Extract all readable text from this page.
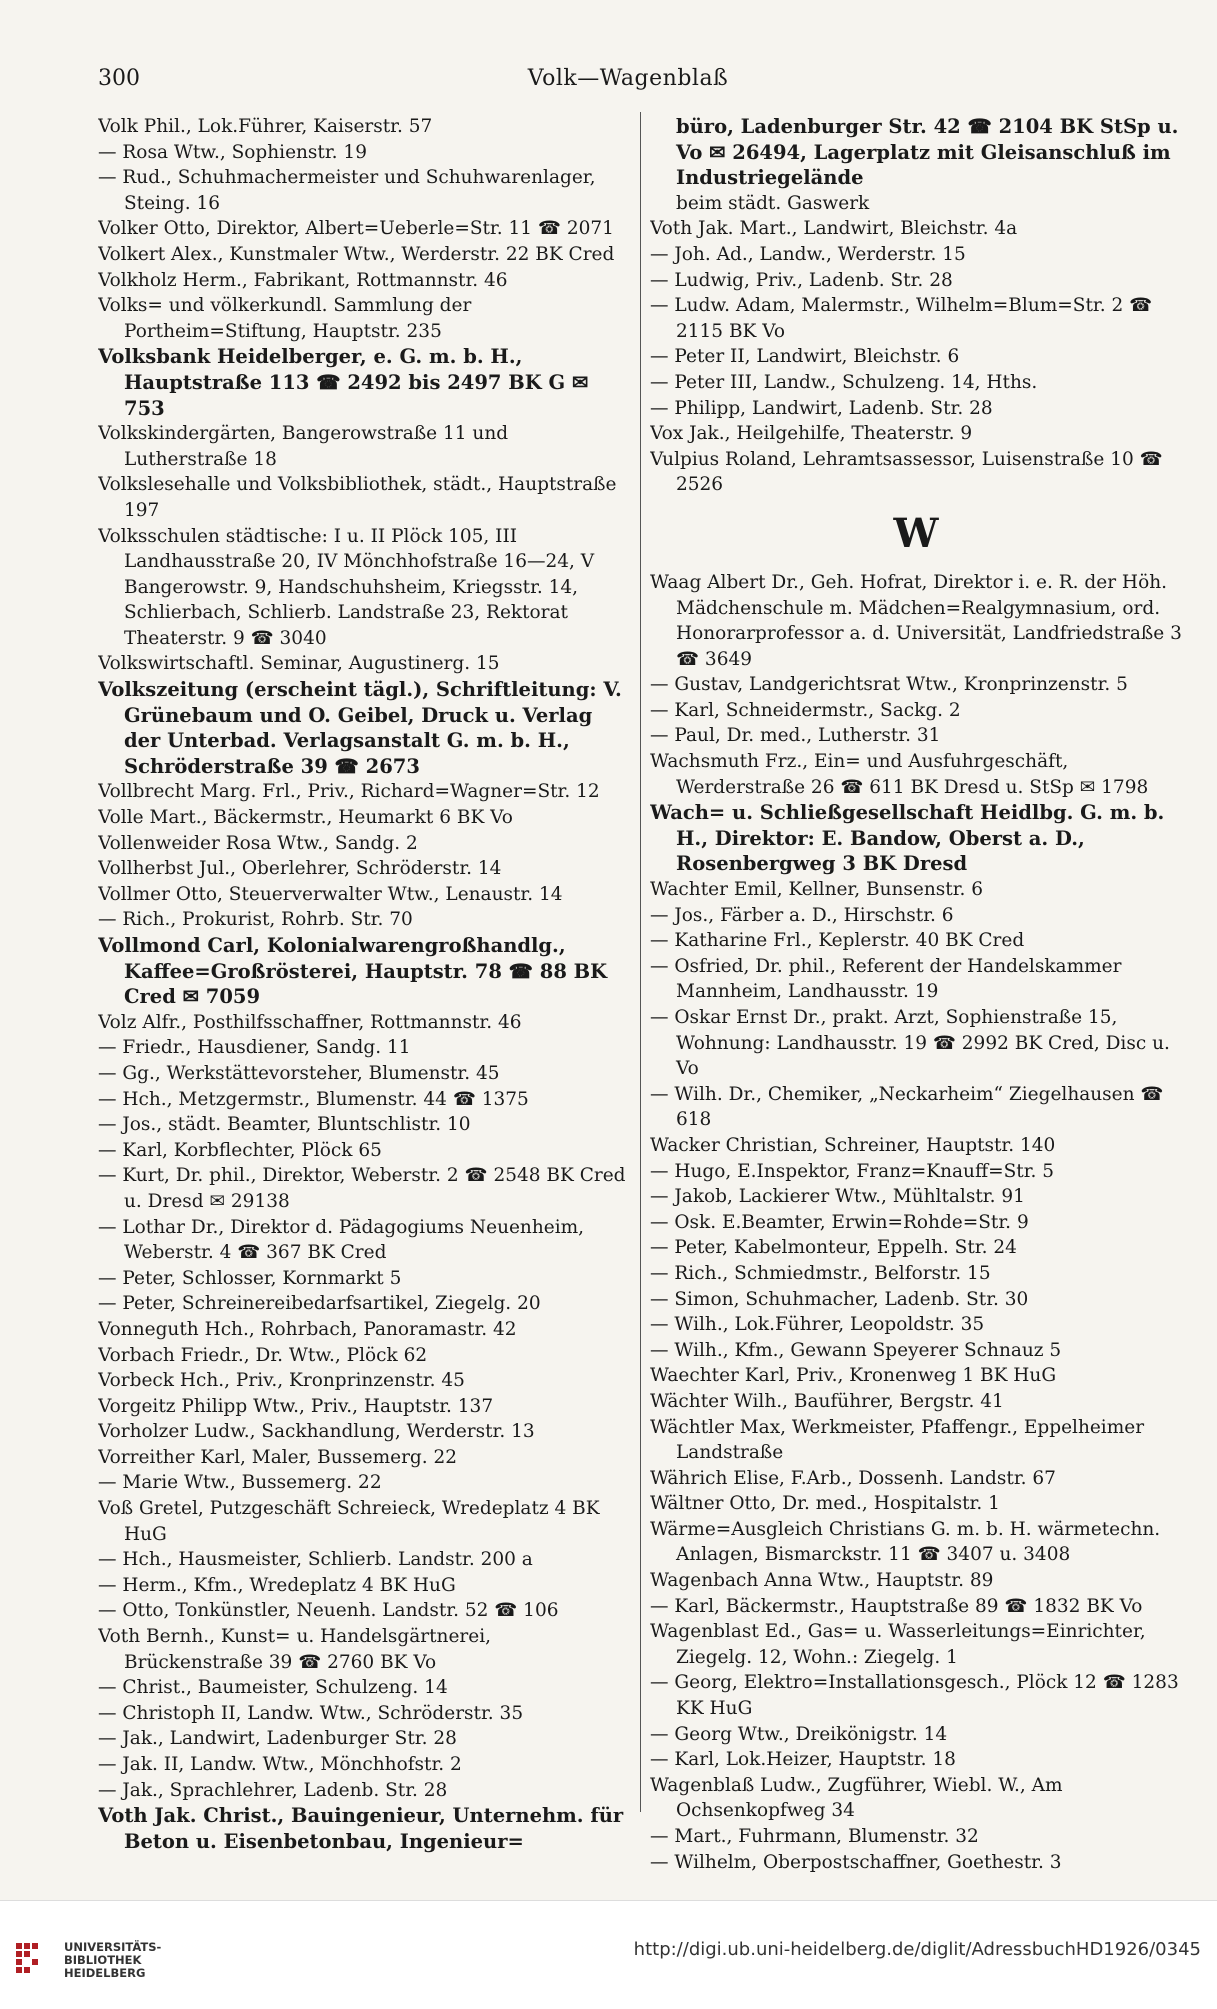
300	Volk—Wagenblaß

Volk Phil., Lok.Führer, Kaiserstr. 57

— Rosa Wtw., Sophienstr. 19

— Rud., Schuhmachermeister und Schuhwarenlager, Steing. 16

Volker Otto, Direktor, Albert=Ueberle=Str. 11 ☎ 2071

Volkert Alex., Kunstmaler Wtw., Werderstr. 22 BK Cred

Volkholz Herm., Fabrikant, Rottmannstr. 46

Volks= und völkerkundl. Sammlung der Portheim=Stiftung, Hauptstr. 235

Volksbank Heidelberger, e. G. m. b. H., Hauptstraße 113 ☎ 2492 bis 2497 BK G ✉ 753

Volkskindergärten, Bangerowstraße 11 und Lutherstraße 18

Volkslesehalle und Volksbibliothek, städt., Hauptstraße 197

Volksschulen städtische: I u. II Plöck 105, III Landhausstraße 20, IV Mönchhofstraße 16—24, V Bangerowstr. 9, Handschuhsheim, Kriegsstr. 14, Schlierbach, Schlierb. Landstraße 23, Rektorat Theaterstr. 9 ☎ 3040

Volkswirtschaftl. Seminar, Augustinerg. 15

Volkszeitung (erscheint tägl.), Schriftleitung: V. Grünebaum und O. Geibel, Druck u. Verlag der Unterbad. Verlagsanstalt G. m. b. H., Schröderstraße 39 ☎ 2673

Vollbrecht Marg. Frl., Priv., Richard=Wagner=Str. 12

Volle Mart., Bäckermstr., Heumarkt 6 BK Vo

Vollenweider Rosa Wtw., Sandg. 2

Vollherbst Jul., Oberlehrer, Schröderstr. 14

Vollmer Otto, Steuerverwalter Wtw., Lenaustr. 14

— Rich., Prokurist, Rohrb. Str. 70

Vollmond Carl, Kolonialwarengroßhandlg., Kaffee=Großrösterei, Hauptstr. 78 ☎ 88 BK Cred ✉ 7059

Volz Alfr., Posthilfsschaffner, Rottmannstr. 46

— Friedr., Hausdiener, Sandg. 11

— Gg., Werkstättevorsteher, Blumenstr. 45

— Hch., Metzgermstr., Blumenstr. 44 ☎ 1375

— Jos., städt. Beamter, Bluntschlistr. 10

— Karl, Korbflechter, Plöck 65

— Kurt, Dr. phil., Direktor, Weberstr. 2 ☎ 2548 BK Cred u. Dresd ✉ 29138

— Lothar Dr., Direktor d. Pädagogiums Neuenheim, Weberstr. 4 ☎ 367 BK Cred

— Peter, Schlosser, Kornmarkt 5

— Peter, Schreinereibedarfsartikel, Ziegelg. 20

Vonneguth Hch., Rohrbach, Panoramastr. 42

Vorbach Friedr., Dr. Wtw., Plöck 62

Vorbeck Hch., Priv., Kronprinzenstr. 45

Vorgeitz Philipp Wtw., Priv., Hauptstr. 137

Vorholzer Ludw., Sackhandlung, Werderstr. 13

Vorreither Karl, Maler, Bussemerg. 22

— Marie Wtw., Bussemerg. 22

Voß Gretel, Putzgeschäft Schreieck, Wredeplatz 4 BK HuG

— Hch., Hausmeister, Schlierb. Landstr. 200 a

— Herm., Kfm., Wredeplatz 4 BK HuG

— Otto, Tonkünstler, Neuenh. Landstr. 52 ☎ 106

Voth Bernh., Kunst= u. Handelsgärtnerei, Brückenstraße 39 ☎ 2760 BK Vo

— Christ., Baumeister, Schulzeng. 14

— Christoph II, Landw. Wtw., Schröderstr. 35

— Jak., Landwirt, Ladenburger Str. 28

— Jak. II, Landw. Wtw., Mönchhofstr. 2

— Jak., Sprachlehrer, Ladenb. Str. 28

Voth Jak. Christ., Bauingenieur, Unternehm. für Beton u. Eisenbetonbau, Ingenieur=

büro, Ladenburger Str. 42 ☎ 2104 BK StSp u. Vo ✉ 26494, Lagerplatz mit Gleisanschluß im Industriegelände

beim städt. Gaswerk

Voth Jak. Mart., Landwirt, Bleichstr. 4a

— Joh. Ad., Landw., Werderstr. 15

— Ludwig, Priv., Ladenb. Str. 28

— Ludw. Adam, Malermstr., Wilhelm=Blum=Str. 2 ☎ 2115 BK Vo

— Peter II, Landwirt, Bleichstr. 6

— Peter III, Landw., Schulzeng. 14, Hths.

— Philipp, Landwirt, Ladenb. Str. 28

Vox Jak., Heilgehilfe, Theaterstr. 9

Vulpius Roland, Lehramtsassessor, Luisenstraße 10 ☎ 2526

W

Waag Albert Dr., Geh. Hofrat, Direktor i. e. R. der Höh. Mädchenschule m. Mädchen=Realgymnasium, ord. Honorarprofessor a. d. Universität, Landfriedstraße 3 ☎ 3649

— Gustav, Landgerichtsrat Wtw., Kronprinzenstr. 5

— Karl, Schneidermstr., Sackg. 2

— Paul, Dr. med., Lutherstr. 31

Wachsmuth Frz., Ein= und Ausfuhrgeschäft, Werderstraße 26 ☎ 611 BK Dresd u. StSp ✉ 1798

Wach= u. Schließgesellschaft Heidlbg. G. m. b. H., Direktor: E. Bandow, Oberst a. D., Rosenbergweg 3 BK Dresd

Wachter Emil, Kellner, Bunsenstr. 6

— Jos., Färber a. D., Hirschstr. 6

— Katharine Frl., Keplerstr. 40 BK Cred

— Osfried, Dr. phil., Referent der Handelskammer Mannheim, Landhausstr. 19

— Oskar Ernst Dr., prakt. Arzt, Sophienstraße 15, Wohnung: Landhausstr. 19 ☎ 2992 BK Cred, Disc u. Vo

— Wilh. Dr., Chemiker, „Neckarheim“ Ziegelhausen ☎ 618

Wacker Christian, Schreiner, Hauptstr. 140

— Hugo, E.Inspektor, Franz=Knauff=Str. 5

— Jakob, Lackierer Wtw., Mühltalstr. 91

— Osk. E.Beamter, Erwin=Rohde=Str. 9

— Peter, Kabelmonteur, Eppelh. Str. 24

— Rich., Schmiedmstr., Belforstr. 15

— Simon, Schuhmacher, Ladenb. Str. 30

— Wilh., Lok.Führer, Leopoldstr. 35

— Wilh., Kfm., Gewann Speyerer Schnauz 5

Waechter Karl, Priv., Kronenweg 1 BK HuG

Wächter Wilh., Bauführer, Bergstr. 41

Wächtler Max, Werkmeister, Pfaffengr., Eppelheimer Landstraße

Währich Elise, F.Arb., Dossenh. Landstr. 67

Wältner Otto, Dr. med., Hospitalstr. 1

Wärme=Ausgleich Christians G. m. b. H. wärmetechn. Anlagen, Bismarckstr. 11 ☎ 3407 u. 3408

Wagenbach Anna Wtw., Hauptstr. 89

— Karl, Bäckermstr., Hauptstraße 89 ☎ 1832 BK Vo

Wagenblast Ed., Gas= u. Wasserleitungs=Einrichter, Ziegelg. 12, Wohn.: Ziegelg. 1

— Georg, Elektro=Installationsgesch., Plöck 12 ☎ 1283 KK HuG

— Georg Wtw., Dreikönigstr. 14

— Karl, Lok.Heizer, Hauptstr. 18

Wagenblaß Ludw., Zugführer, Wiebl. W., Am Ochsenkopfweg 34

— Mart., Fuhrmann, Blumenstr. 32

— Wilhelm, Oberpostschaffner, Goethestr. 3

UNIVERSITÄTS-
BIBLIOTHEK
HEIDELBERG
http://digi.ub.uni-heidelberg.de/diglit/AdressbuchHD1926/0345
